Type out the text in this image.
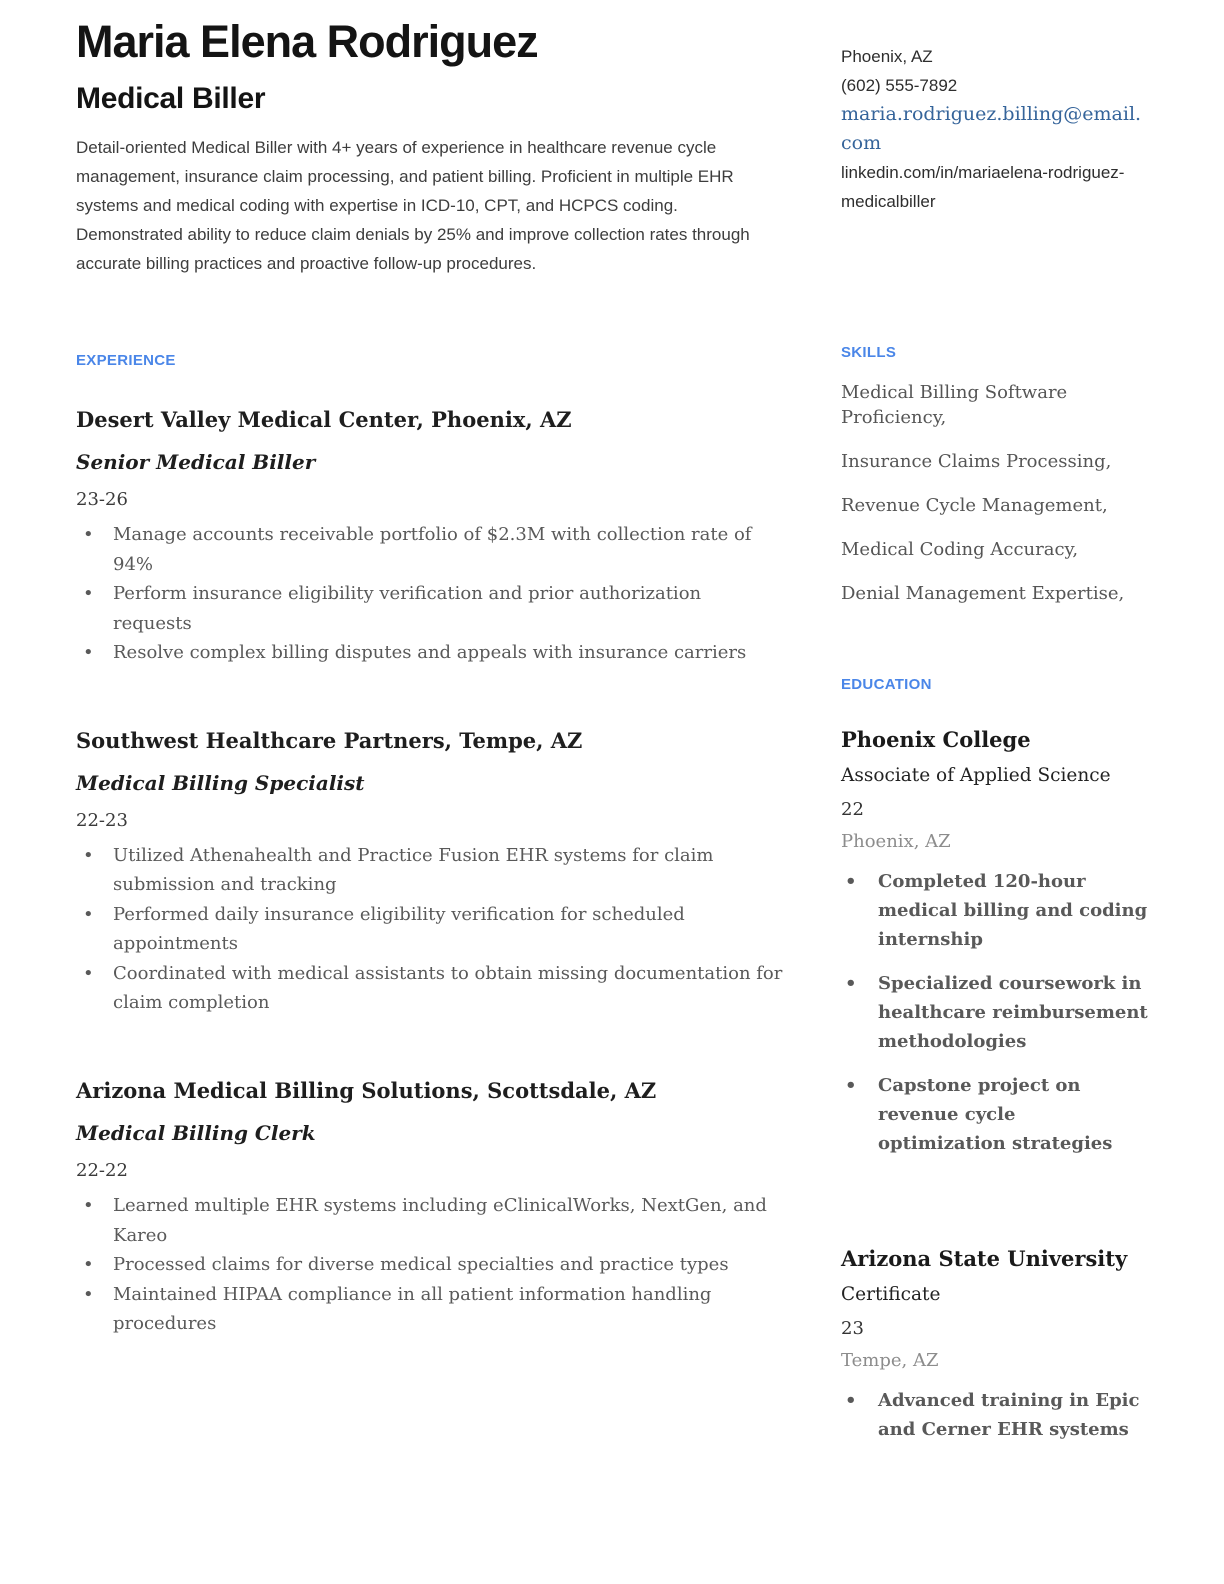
Maria Elena Rodriguez
Medical Biller

Detail-oriented Medical Biller with 4+ years of experience in healthcare revenue cycle management, insurance claim processing, and patient billing. Proficient in multiple EHR systems and medical coding with expertise in ICD-10, CPT, and HCPCS coding. Demonstrated ability to reduce claim denials by 25% and improve collection rates through accurate billing practices and proactive follow-up procedures.

EXPERIENCE
Desert Valley Medical Center, Phoenix, AZ
Senior Medical Biller
23-26
• Manage accounts receivable portfolio of $2.3M with collection rate of 94%
• Perform insurance eligibility verification and prior authorization requests
• Resolve complex billing disputes and appeals with insurance carriers
Southwest Healthcare Partners, Tempe, AZ
Medical Billing Specialist
22-23
• Utilized Athenahealth and Practice Fusion EHR systems for claim submission and tracking
• Performed daily insurance eligibility verification for scheduled appointments
• Coordinated with medical assistants to obtain missing documentation for claim completion
Arizona Medical Billing Solutions, Scottsdale, AZ
Medical Billing Clerk
22-22
• Learned multiple EHR systems including eClinicalWorks, NextGen, and Kareo
• Processed claims for diverse medical specialties and practice types
• Maintained HIPAA compliance in all patient information handling procedures
Phoenix, AZ
(602) 555-7892
maria.rodriguez.billing@email.com
linkedin.com/in/mariaelena-rodriguez-medicalbiller
SKILLS
Medical Billing Software Proficiency,
Insurance Claims Processing,
Revenue Cycle Management,
Medical Coding Accuracy,
Denial Management Expertise,
EDUCATION
Phoenix College
Associate of Applied Science
22
Phoenix, AZ
• Completed 120-hour medical billing and coding internship
• Specialized coursework in healthcare reimbursement methodologies
• Capstone project on revenue cycle optimization strategies
Arizona State University
Certificate
23
Tempe, AZ
• Advanced training in Epic and Cerner EHR systems
